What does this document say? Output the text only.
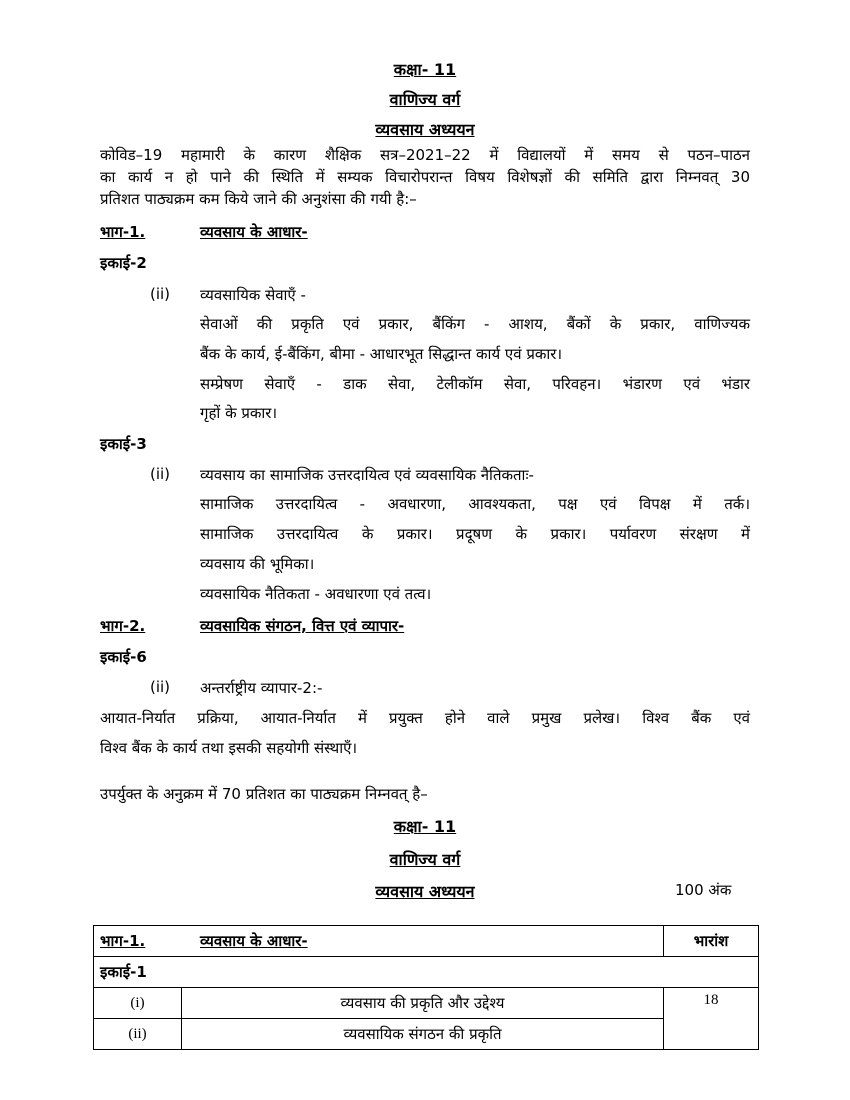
कक्षा- 11
वाणिज्य वर्ग
व्यवसाय अध्ययन
कोविड–19 महामारी के कारण शैक्षिक सत्र–2021–22 में विद्यालयों में समय से पठन–पाठन
का कार्य न हो पाने की स्थिति में सम्यक विचारोपरान्त विषय विशेषज्ञों की समिति द्वारा निम्नवत् 30
प्रतिशत पाठ्यक्रम कम किये जाने की अनुशंसा की गयी है:–
भाग-1.	व्यवसाय के आधार-
इकाई-2
(ii) व्यवसायिक सेवाएँ -
सेवाओं की प्रकृति एवं प्रकार, बैंकिंग - आशय, बैंकों के प्रकार, वाणिज्यक
बैंक के कार्य, ई-बैंकिंग, बीमा - आधारभूत सिद्धान्त कार्य एवं प्रकार।
सम्प्रेषण सेवाएँ - डाक सेवा, टेलीकॉम सेवा, परिवहन। भंडारण एवं भंडार
गृहों के प्रकार।
इकाई-3
(ii) व्यवसाय का सामाजिक उत्तरदायित्व एवं व्यवसायिक नैतिकताः-
सामाजिक उत्तरदायित्व - अवधारणा, आवश्यकता, पक्ष एवं विपक्ष में तर्क।
सामाजिक उत्तरदायित्व के प्रकार। प्रदूषण के प्रकार। पर्यावरण संरक्षण में
व्यवसाय की भूमिका।
व्यवसायिक नैतिकता - अवधारणा एवं तत्व।
भाग-2.	व्यवसायिक संगठन, वित्त एवं व्यापार-
इकाई-6
(ii) अन्तर्राष्ट्रीय व्यापार-2:-
आयात-निर्यात प्रक्रिया, आयात-निर्यात में प्रयुक्त होने वाले प्रमुख प्रलेख। विश्व बैंक एवं
विश्व बैंक के कार्य तथा इसकी सहयोगी संस्थाएँ।
उपर्युक्त के अनुक्रम में 70 प्रतिशत का पाठ्यक्रम निम्नवत् है–
कक्षा- 11
वाणिज्य वर्ग
व्यवसाय अध्ययन	100 अंक
भाग-1. व्यवसाय के आधार-		भारांश
इकाई-1		
(i)	व्यवसाय की प्रकृति और उद्देश्य	18
(ii)	व्यवसायिक संगठन की प्रकृति	
